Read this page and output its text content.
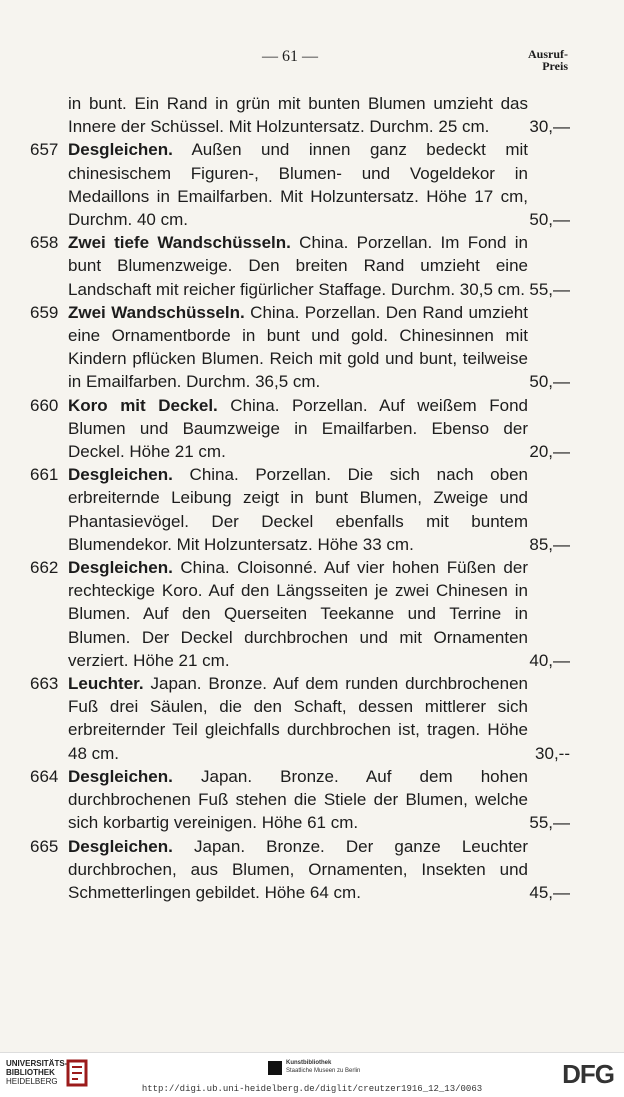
— 61 —	Ausruf-
Preis
in bunt. Ein Rand in grün mit bunten Blumen umzieht das Innere der Schüssel. Mit Holzuntersatz. Durchm. 25 cm.	30,—
657 Desgleichen. Außen und innen ganz bedeckt mit chinesischem Figuren-, Blumen- und Vogeldekor in Medaillons in Emailfarben. Mit Holzuntersatz. Höhe 17 cm, Durchm. 40 cm.	50,—
658 Zwei tiefe Wandschüsseln. China. Porzellan. Im Fond in bunt Blumenzweige. Den breiten Rand umzieht eine Landschaft mit reicher figürlicher Staffage. Durchm. 30,5 cm. 55,—
659 Zwei Wandschüsseln. China. Porzellan. Den Rand umzieht eine Ornamentborde in bunt und gold. Chinesinnen mit Kindern pflücken Blumen. Reich mit gold und bunt, teilweise in Emailfarben. Durchm. 36,5 cm.	50,—
660 Koro mit Deckel. China. Porzellan. Auf weißem Fond Blumen und Baumzweige in Emailfarben. Ebenso der Deckel. Höhe 21 cm.	20,—
661 Desgleichen. China. Porzellan. Die sich nach oben erbreiternde Leibung zeigt in bunt Blumen, Zweige und Phantasievögel. Der Deckel ebenfalls mit buntem Blumendekor. Mit Holzuntersatz. Höhe 33 cm.	85,—
662 Desgleichen. China. Cloisonné. Auf vier hohen Füßen der rechteckige Koro. Auf den Längsseiten je zwei Chinesen in Blumen. Auf den Querseiten Teekanne und Terrine in Blumen. Der Deckel durchbrochen und mit Ornamenten verziert. Höhe 21 cm.	40,—
663 Leuchter. Japan. Bronze. Auf dem runden durchbrochenen Fuß drei Säulen, die den Schaft, dessen mittlerer sich erbreiternder Teil gleichfalls durchbrochen ist, tragen. Höhe 48 cm.	30,--
664 Desgleichen. Japan. Bronze. Auf dem hohen durchbrochenen Fuß stehen die Stiele der Blumen, welche sich korbartig vereinigen. Höhe 61 cm.	55,—
665 Desgleichen. Japan. Bronze. Der ganze Leuchter durchbrochen, aus Blumen, Ornamenten, Insekten und Schmetterlingen gebildet. Höhe 64 cm.	45,—
UNIVERSITÄTS-
BIBLIOTHEK
HEIDELBERG
Kunstbibliothek
Staatliche Museen zu Berlin	DFG
http://digi.ub.uni-heidelberg.de/diglit/creutzer1916_12_13/0063
